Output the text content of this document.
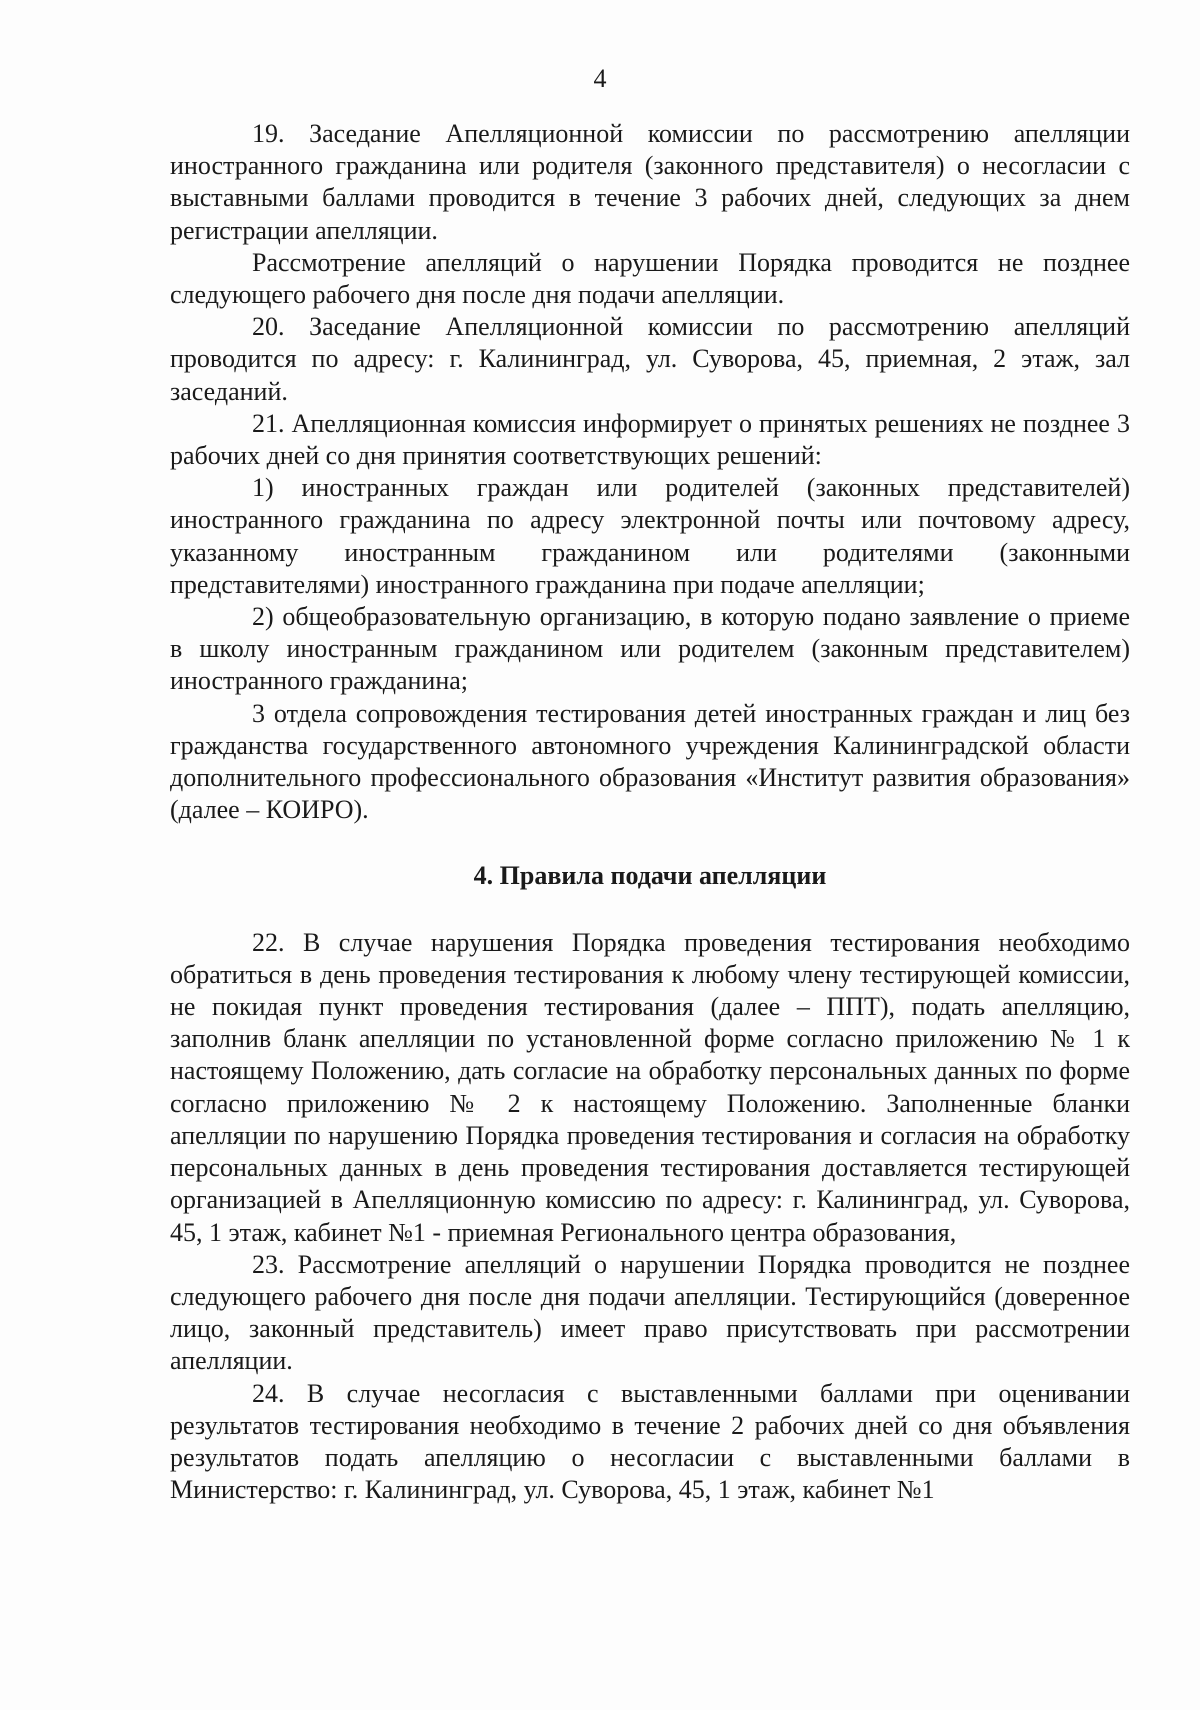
4

19. Заседание Апелляционной комиссии по рассмотрению апелляции иностранного гражданина или родителя (законного представителя) о несогласии с выставными баллами проводится в течение 3 рабочих дней, следующих за днем регистрации апелляции.

Рассмотрение апелляций о нарушении Порядка проводится не позднее следующего рабочего дня после дня подачи апелляции.

20. Заседание Апелляционной комиссии по рассмотрению апелляций проводится по адресу: г. Калининград, ул. Суворова, 45, приемная, 2 этаж, зал заседаний.

21. Апелляционная комиссия информирует о принятых решениях не позднее 3 рабочих дней со дня принятия соответствующих решений:

1) иностранных граждан или родителей (законных представителей) иностранного гражданина по адресу электронной почты или почтовому адресу, указанному иностранным гражданином или родителями (законными представителями) иностранного гражданина при подаче апелляции;

2) общеобразовательную организацию, в которую подано заявление о приеме в школу иностранным гражданином или родителем (законным представителем) иностранного гражданина;

3 отдела сопровождения тестирования детей иностранных граждан и лиц без гражданства государственного автономного учреждения Калининградской области дополнительного профессионального образования «Институт развития образования» (далее – КОИРО).

4. Правила подачи апелляции

22. В случае нарушения Порядка проведения тестирования необходимо обратиться в день проведения тестирования к любому члену тестирующей комиссии, не покидая пункт проведения тестирования (далее – ППТ), подать апелляцию, заполнив бланк апелляции по установленной форме согласно приложению № 1 к настоящему Положению, дать согласие на обработку персональных данных по форме согласно приложению № 2 к настоящему Положению. Заполненные бланки апелляции по нарушению Порядка проведения тестирования и согласия на обработку персональных данных в день проведения тестирования доставляется тестирующей организацией в Апелляционную комиссию по адресу: г. Калининград, ул. Суворова, 45, 1 этаж, кабинет №1 - приемная Регионального центра образования,

23. Рассмотрение апелляций о нарушении Порядка проводится не позднее следующего рабочего дня после дня подачи апелляции. Тестирующийся (доверенное лицо, законный представитель) имеет право присутствовать при рассмотрении апелляции.

24. В случае несогласия с выставленными баллами при оценивании результатов тестирования необходимо в течение 2 рабочих дней со дня объявления результатов подать апелляцию о несогласии с выставленными баллами в Министерство: г. Калининград, ул. Суворова, 45, 1 этаж, кабинет №1
